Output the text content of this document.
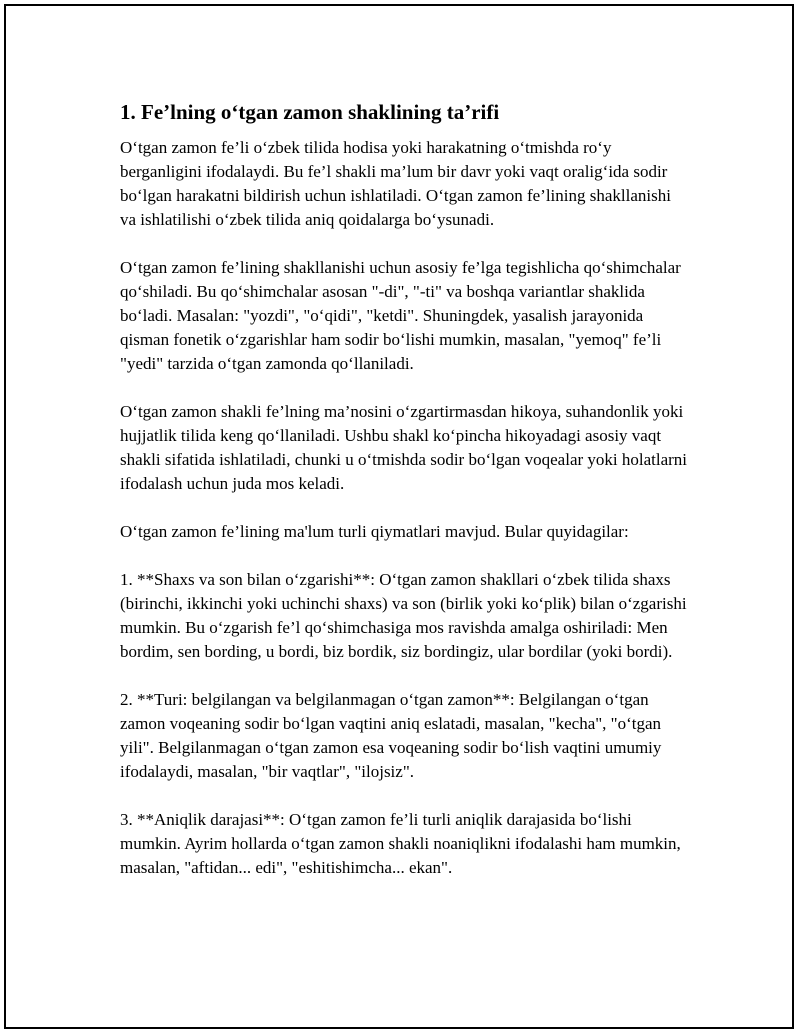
1. Fe’lning o‘tgan zamon shaklining ta’rifi

O‘tgan zamon fe’li o‘zbek tilida hodisa yoki harakatning o‘tmishda ro‘y berganligini ifodalaydi. Bu fe’l shakli ma’lum bir davr yoki vaqt oralig‘ida sodir bo‘lgan harakatni bildirish uchun ishlatiladi. O‘tgan zamon fe’lining shakllanishi va ishlatilishi o‘zbek tilida aniq qoidalarga bo‘ysunadi.

O‘tgan zamon fe’lining shakllanishi uchun asosiy fe’lga tegishlicha qo‘shimchalar qo‘shiladi. Bu qo‘shimchalar asosan "-di", "-ti" va boshqa variantlar shaklida bo‘ladi. Masalan: "yozdi", "o‘qidi", "ketdi". Shuningdek, yasalish jarayonida qisman fonetik o‘zgarishlar ham sodir bo‘lishi mumkin, masalan, "yemoq" fe’li "yedi" tarzida o‘tgan zamonda qo‘llaniladi.

O‘tgan zamon shakli fe’lning ma’nosini o‘zgartirmasdan hikoya, suhandonlik yoki hujjatlik tilida keng qo‘llaniladi. Ushbu shakl ko‘pincha hikoyadagi asosiy vaqt shakli sifatida ishlatiladi, chunki u o‘tmishda sodir bo‘lgan voqealar yoki holatlarni ifodalash uchun juda mos keladi.

O‘tgan zamon fe’lining ma'lum turli qiymatlari mavjud. Bular quyidagilar:

1. **Shaxs va son bilan o‘zgarishi**: O‘tgan zamon shakllari o‘zbek tilida shaxs (birinchi, ikkinchi yoki uchinchi shaxs) va son (birlik yoki ko‘plik) bilan o‘zgarishi mumkin. Bu o‘zgarish fe’l qo‘shimchasiga mos ravishda amalga oshiriladi: Men bordim, sen bording, u bordi, biz bordik, siz bordingiz, ular bordilar (yoki bordi).

2. **Turi: belgilangan va belgilanmagan o‘tgan zamon**: Belgilangan o‘tgan zamon voqeaning sodir bo‘lgan vaqtini aniq eslatadi, masalan, "kecha", "o‘tgan yili". Belgilanmagan o‘tgan zamon esa voqeaning sodir bo‘lish vaqtini umumiy ifodalaydi, masalan, "bir vaqtlar", "ilojsiz".

3. **Aniqlik darajasi**: O‘tgan zamon fe’li turli aniqlik darajasida bo‘lishi mumkin. Ayrim hollarda o‘tgan zamon shakli noaniqlikni ifodalashi ham mumkin, masalan, "aftidan... edi", "eshitishimcha... ekan".
